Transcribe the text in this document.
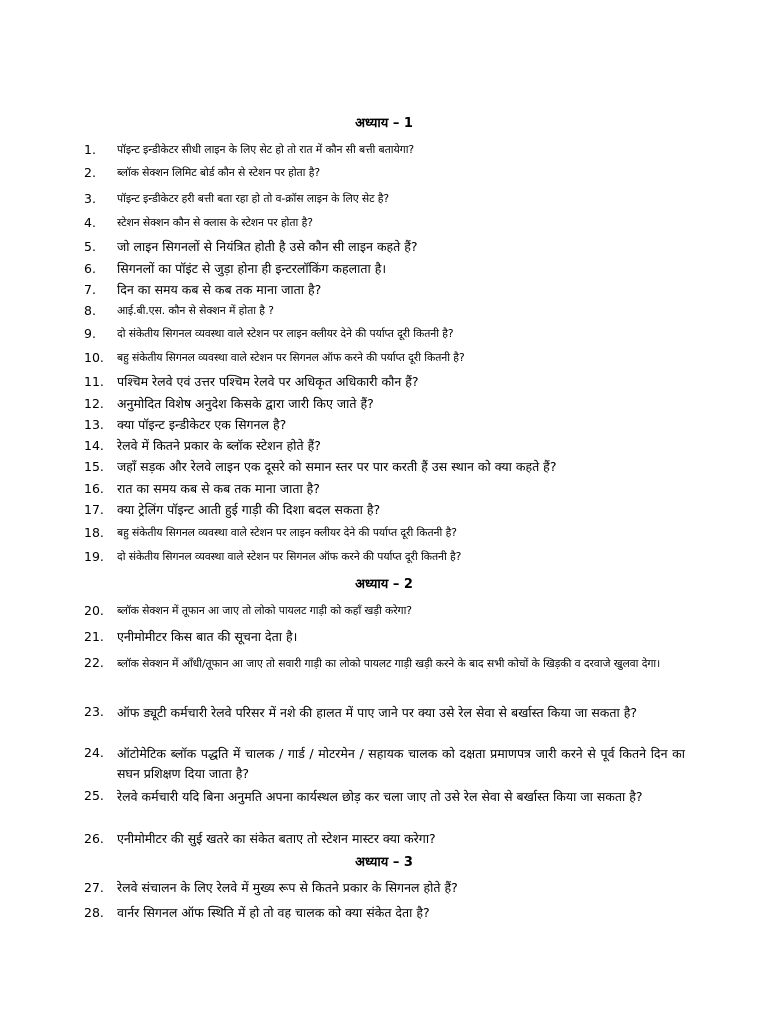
अध्याय – 1
1. पॉइन्ट इन्डीकेटर सीधी लाइन के लिए सेट हो तो रात में कौन सी बत्ती बतायेगा?
2. ब्लॉक सेक्शन लिमिट बोर्ड कौन से स्टेशन पर होता है?
3. पॉइन्ट इन्डीकेटर हरी बत्ती बता रहा हो तो व-क्रॉस लाइन के लिए सेट है?
4. स्टेशन सेक्शन कौन से क्लास के स्टेशन पर होता है?
5. जो लाइन सिगनलों से नियंत्रित होती है उसे कौन सी लाइन कहते हैं?
6. सिगनलों का पॉइंट से जुड़ा होना ही इन्टरलॉकिंग कहलाता है।
7. दिन का समय कब से कब तक माना जाता है?
8. आई.बी.एस. कौन से सेक्शन में होता है ?
9. दो संकेतीय सिगनल व्यवस्था वाले स्टेशन पर लाइन क्लीयर देने की पर्याप्त दूरी कितनी है?
10. बहु संकेतीय सिगनल व्यवस्था वाले स्टेशन पर सिगनल ऑफ करने की पर्याप्त दूरी कितनी है?
11. पश्चिम रेलवे एवं उत्तर पश्चिम रेलवे पर अधिकृत अधिकारी कौन हैं?
12. अनुमोदित विशेष अनुदेश किसके द्वारा जारी किए जाते हैं?
13. क्या पॉइन्ट इन्डीकेटर एक सिगनल है?
14. रेलवे में कितने प्रकार के ब्लॉक स्टेशन होते हैं?
15. जहाँ सड़क और रेलवे लाइन एक दूसरे को समान स्तर पर पार करती हैं उस स्थान को क्या कहते हैं?
16. रात का समय कब से कब तक माना जाता है?
17. क्या ट्रेलिंग पॉइन्ट आती हुई गाड़ी की दिशा बदल सकता है?
18. बहु संकेतीय सिगनल व्यवस्था वाले स्टेशन पर लाइन क्लीयर देने की पर्याप्त दूरी कितनी है?
19. दो संकेतीय सिगनल व्यवस्था वाले स्टेशन पर सिगनल ऑफ करने की पर्याप्त दूरी कितनी है?
अध्याय – 2
20. ब्लॉक सेक्शन में तूफान आ जाए तो लोको पायलट गाड़ी को कहाँ खड़ी करेगा?
21. एनीमोमीटर किस बात की सूचना देता है।
22. ब्लॉक सेक्शन में आँधी/तूफान आ जाए तो सवारी गाड़ी का लोको पायलट गाड़ी खड़ी करने के बाद सभी कोचों के खिड़की व दरवाजे खुलवा देगा।
23. ऑफ ड्यूटी कर्मचारी रेलवे परिसर में नशे की हालत में पाए जाने पर क्या उसे रेल सेवा से बर्खास्त किया जा सकता है?
24. ऑटोमेटिक ब्लॉक पद्धति में चालक / गार्ड / मोटरमेन / सहायक चालक को दक्षता प्रमाणपत्र जारी करने से पूर्व कितने दिन का सघन प्रशिक्षण दिया जाता है?
25. रेलवे कर्मचारी यदि बिना अनुमति अपना कार्यस्थल छोड़ कर चला जाए तो उसे रेल सेवा से बर्खास्त किया जा सकता है?
26. एनीमोमीटर की सुई खतरे का संकेत बताए तो स्टेशन मास्टर क्या करेगा?
अध्याय – 3
27. रेलवे संचालन के लिए रेलवे में मुख्य रूप से कितने प्रकार के सिगनल होते हैं?
28. वार्नर सिगनल ऑफ स्थिति में हो तो वह चालक को क्या संकेत देता है?
